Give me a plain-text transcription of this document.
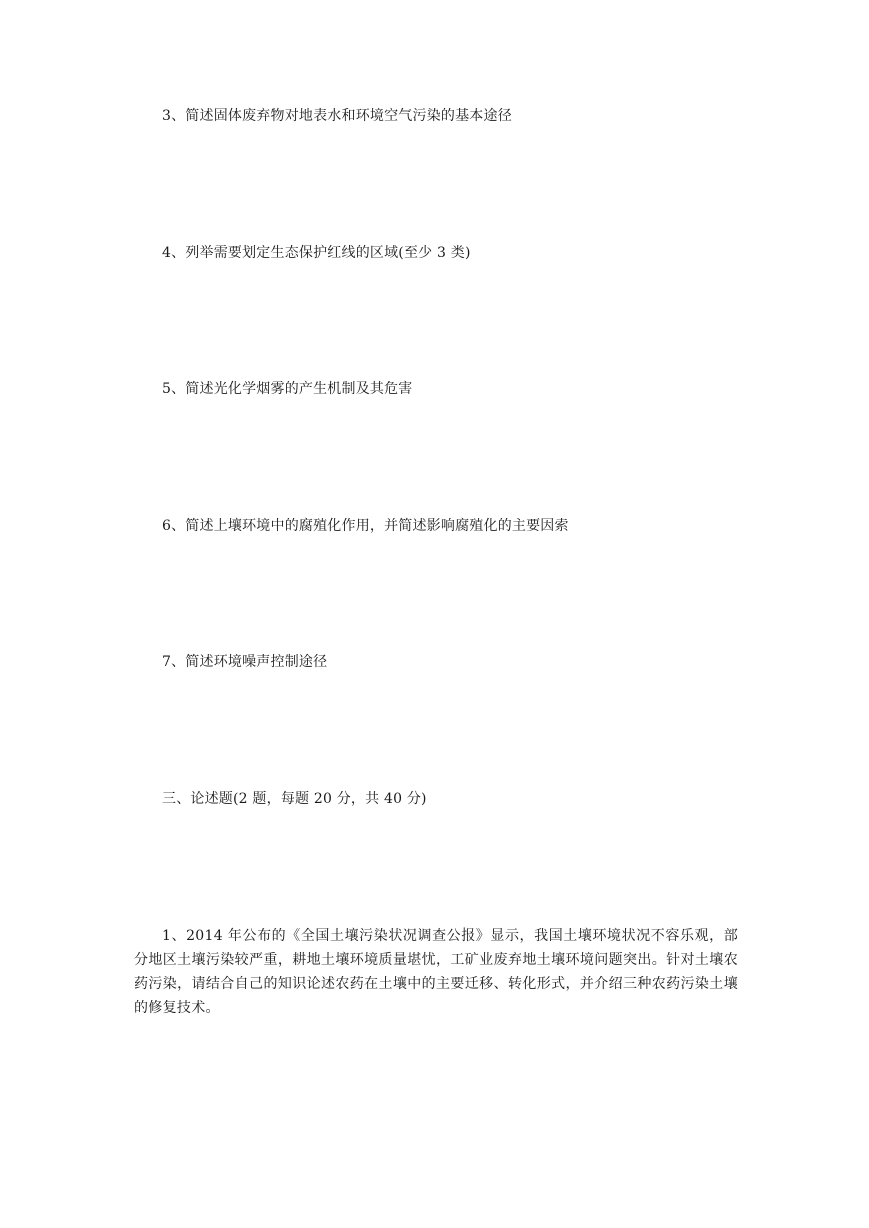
3、简述固体废弃物对地表水和环境空气污染的基本途径
4、列举需要划定生态保护红线的区域(至少 3 类)
5、简述光化学烟雾的产生机制及其危害
6、简述上壤环境中的腐殖化作用，并简述影响腐殖化的主要因索
7、简述环境噪声控制途径
三、论述题(2 题，每题 20 分，共 40 分)
1、2014 年公布的《全国土壤污染状况调查公报》显示，我国土壤环境状况不容乐观，部分地区土壤污染较严重，耕地土壤环境质量堪忧，工矿业废弃地土壤环境问题突出。针对土壤农药污染，请结合自己的知识论述农药在土壤中的主要迁移、转化形式，并介绍三种农药污染土壤的修复技术。
